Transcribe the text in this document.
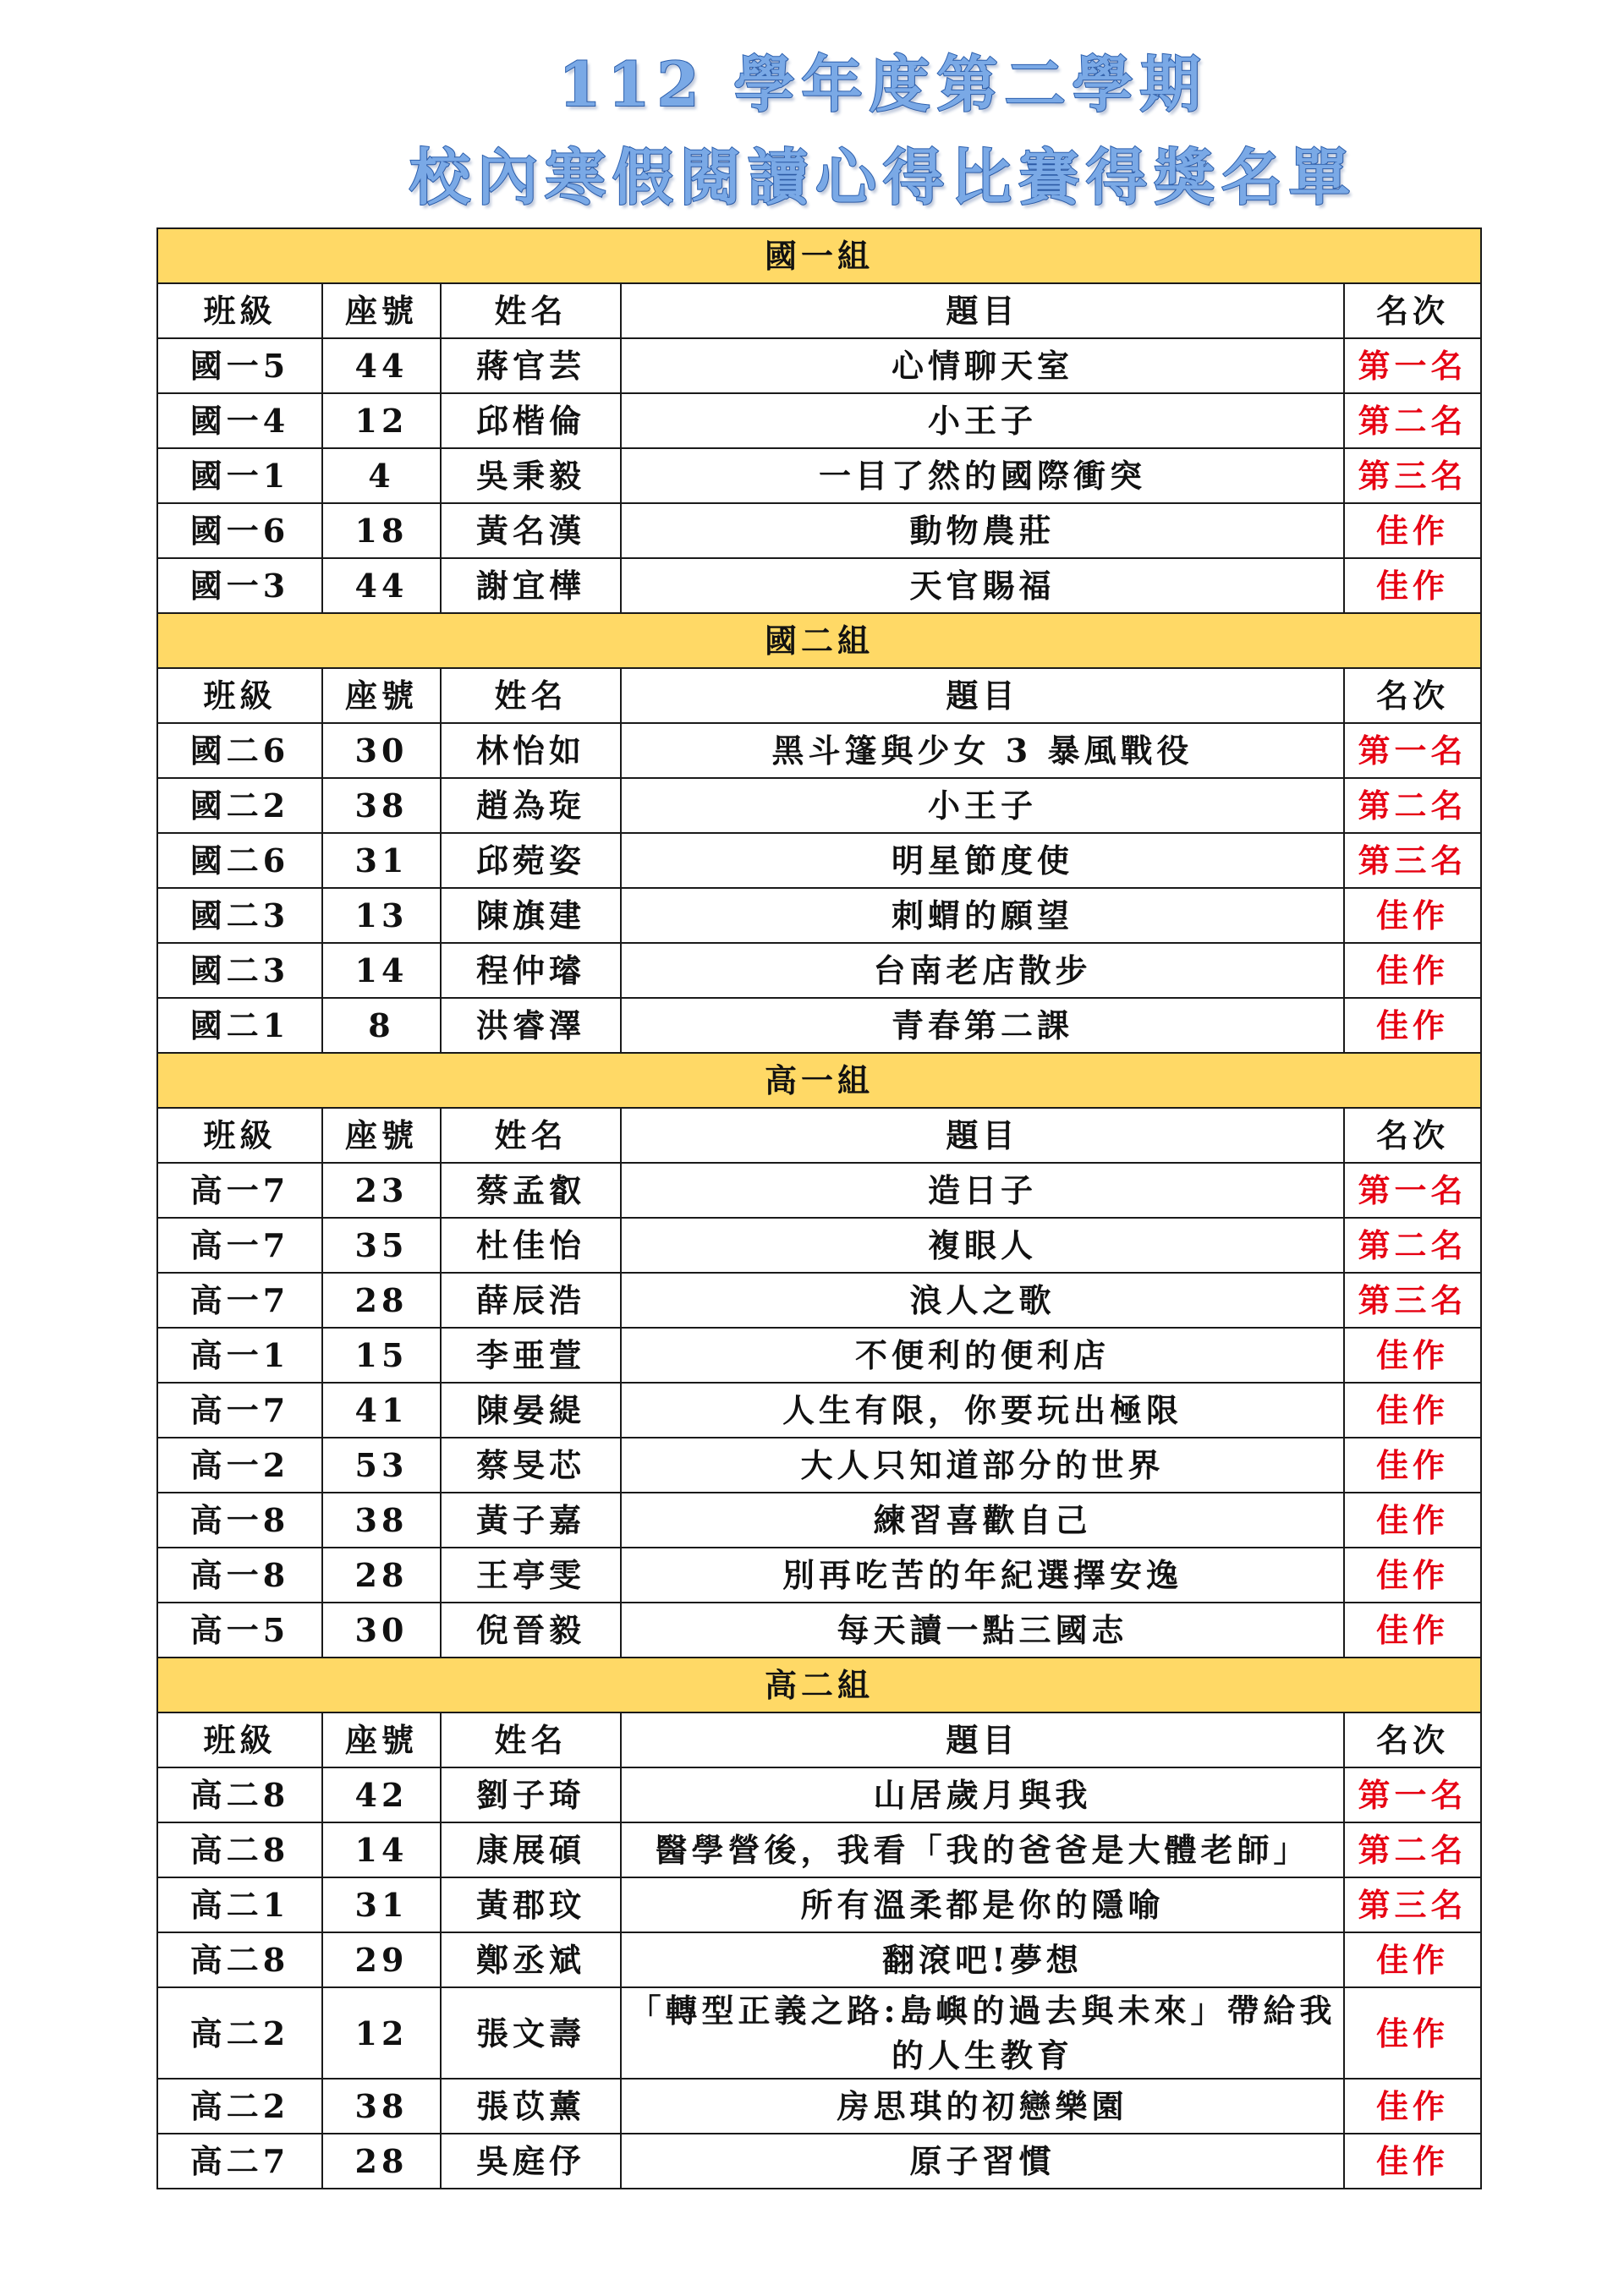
112 學年度第二學期
校內寒假閱讀心得比賽得獎名單
國一組				
班級	座號	姓名	題目	名次
國一5	44	蔣官芸	心情聊天室	第一名
國一4	12	邱楷倫	小王子	第二名
國一1	4	吳秉毅	一目了然的國際衝突	第三名
國一6	18	黃名漢	動物農莊	佳作
國一3	44	謝宜樺	天官賜福	佳作
國二組				
班級	座號	姓名	題目	名次
國二6	30	林怡如	黑斗篷與少女 3 暴風戰役	第一名
國二2	38	趙為琁	小王子	第二名
國二6	31	邱菀姿	明星節度使	第三名
國二3	13	陳旗建	刺蝟的願望	佳作
國二3	14	程仲璿	台南老店散步	佳作
國二1	8	洪睿澤	青春第二課	佳作
高一組				
班級	座號	姓名	題目	名次
高一7	23	蔡孟叡	造日子	第一名
高一7	35	杜佳怡	複眼人	第二名
高一7	28	薛辰浩	浪人之歌	第三名
高一1	15	李亜萱	不便利的便利店	佳作
高一7	41	陳晏緹	人生有限，你要玩出極限	佳作
高一2	53	蔡旻芯	大人只知道部分的世界	佳作
高一8	38	黃子嘉	練習喜歡自己	佳作
高一8	28	王亭雯	別再吃苦的年紀選擇安逸	佳作
高一5	30	倪晉毅	每天讀一點三國志	佳作
高二組				
班級	座號	姓名	題目	名次
高二8	42	劉子琦	山居歲月與我	第一名
高二8	14	康展碩	醫學營後，我看「我的爸爸是大體老師」	第二名
高二1	31	黃郡玟	所有溫柔都是你的隱喻	第三名
高二8	29	鄭丞斌	翻滾吧!夢想	佳作
高二2	12	張文壽	「轉型正義之路:島嶼的過去與未來」帶給我的人生教育	佳作
高二2	38	張苡薰	房思琪的初戀樂園	佳作
高二7	28	吳庭伃	原子習慣	佳作
